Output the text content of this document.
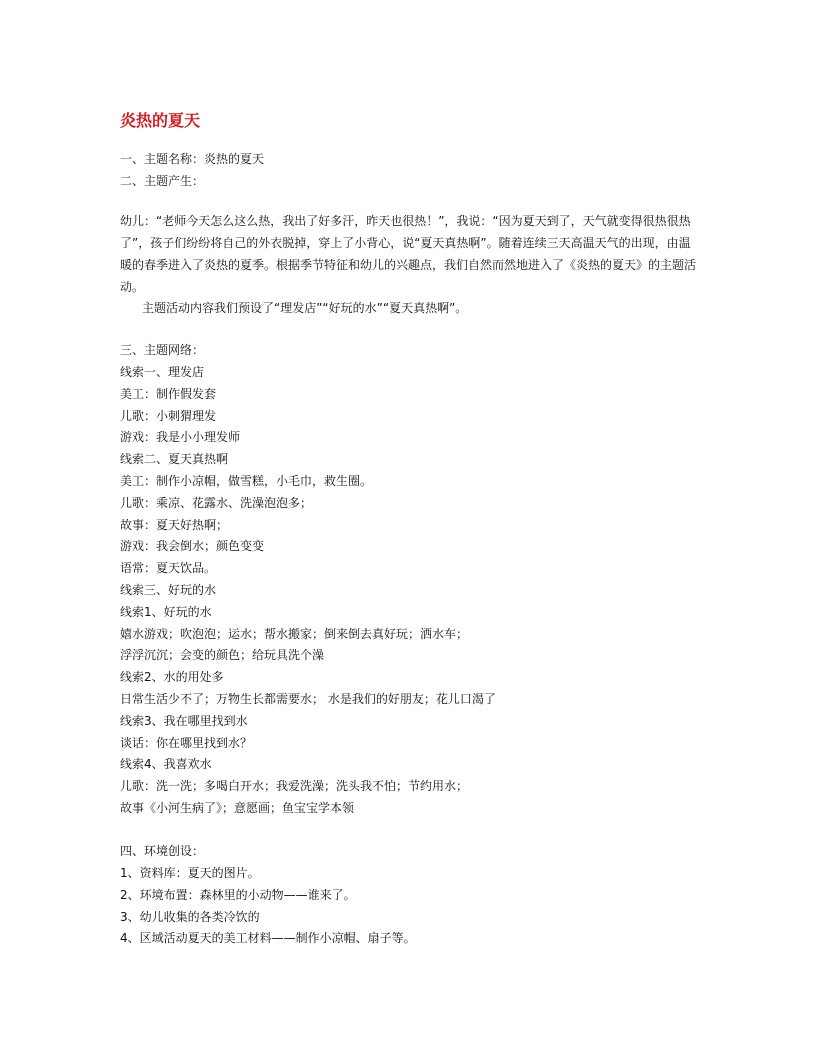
炎热的夏天
一、主题名称：炎热的夏天
二、主题产生：

幼儿：“老师今天怎么这么热，我出了好多汗，昨天也很热！”，我说：“因为夏天到了，天气就变得很热很热了”，孩子们纷纷将自己的外衣脱掉，穿上了小背心，说“夏天真热啊”。随着连续三天高温天气的出现，由温暖的春季进入了炎热的夏季。根据季节特征和幼儿的兴趣点，我们自然而然地进入了《炎热的夏天》的主题活动。

主题活动内容我们预设了“理发店”“好玩的水”“夏天真热啊”。
三、主题网络：
线索一、理发店
美工：制作假发套
儿歌：小刺猬理发
游戏：我是小小理发师
线索二、夏天真热啊
美工：制作小凉帽，做雪糕，小毛巾，救生圈。
儿歌：乘凉、花露水、洗澡泡泡多；
故事：夏天好热啊；
游戏：我会倒水；颜色变变
语常：夏天饮品。
线索三、好玩的水
线索1、好玩的水
嬉水游戏；吹泡泡；运水；帮水搬家；倒来倒去真好玩；洒水车；
浮浮沉沉；会变的颜色；给玩具洗个澡
线索2、水的用处多
日常生活少不了；万物生长都需要水； 水是我们的好朋友；花儿口渴了
线索3、我在哪里找到水
谈话：你在哪里找到水？
线索4、我喜欢水
儿歌：洗一洗；多喝白开水；我爱洗澡；洗头我不怕；节约用水；
故事《小河生病了》；意愿画；鱼宝宝学本领
四、环境创设：
1、资料库：夏天的图片。
2、环境布置：森林里的小动物——谁来了。
3、幼儿收集的各类冷饮的
4、区域活动夏天的美工材料——制作小凉帽、扇子等。
